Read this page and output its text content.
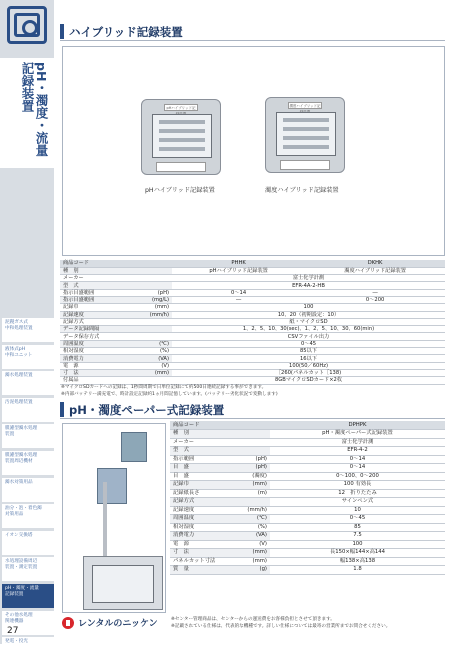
pH・濁度・流量記録装置
泥鏝ガス式
中和処理装置
液体式pH
中和ユニット
濁水処理装置
汚泥処理装置
膜濾型濁水処理
装置
膜濾型濁水処理
装置周辺機材
濁水対策用品
油分・泡・着色濁
対策用品
イオン交換塔
水処理設備周辺
装置・測定装置
pH・濁度・流量
記録装置
その他水処理
関連機器
発電・投光
27
ハイブリッド記録装置
pHハイブリッド記	濁度ハイブリッド記
pHハイブリッド記録装置	濁度ハイブリッド記録装置
商品コード		PHHK	DKHK
種　別		pHハイブリッド記録装置	濁度ハイブリッド記録装置
メーカー		富士化学計測	
型　式		EFR-4A-2-HB	
指示目盛範囲	(pH)	0〜14	―
指示目盛範囲	(mg/L)	―	0〜200
記録巾	(mm)	100	
記録速度	(mm/h)	10、20（初期設定：10）	
記録方式		紙・マイクロSD	
データ記録間隔		1、2、5、10、30(sec)、1、2、5、10、30、60(min)	
データ保存方式		CSVファイル出力	
周囲温度	(℃)	0〜45	
相対湿度	(%)	85以下	
消費電力	(VA)	16以下	
電　源	(V)	100(50／60Hz)	
寸　法	(mm)	［260(パネルカット［138)	
付属品		8GBマイクロSDカード×2枚	
※マイクロSDカードへの記録は、1秒間周期で日単位記録にて約500日連続記録する事ができます。
※内部バッテリー満充電で、時計設定記録約1ヵ月間記憶しています。(バッテリー劣化状況で変動します)
pH・濁度ペーパー式記録装置
商品コード		DPHPK
種　別		pH・濁度ペーパー式記録装置
メーカー		富士化学計測
型　式		EFR-4-2
指示範囲	(pH)	0〜14
目　盛	(pH)	0〜14
目　盛	(濁度)	0〜100、0〜200
記録巾	(mm)	100 有効長
記録紙長さ	(m)	12　折りたたみ
記録方式		サインペン式
記録速度	(mm/h)	10
周囲温度	(℃)	0〜45
相対湿度	(%)	85
消費電力	(VA)	7.5
電　源	(V)	100
寸　法	(mm)	長150×幅144×高144
パネルカット寸法	(mm)	幅138×高138
質　量	(g)	1.8
レンタルのニッケン	※センター管理商品は、センターからの運送費をお客様負担とさせて頂きます。
※記載されている仕様は、代表的な機種です。詳しい仕様については最寄の営業所までお問合せください。
